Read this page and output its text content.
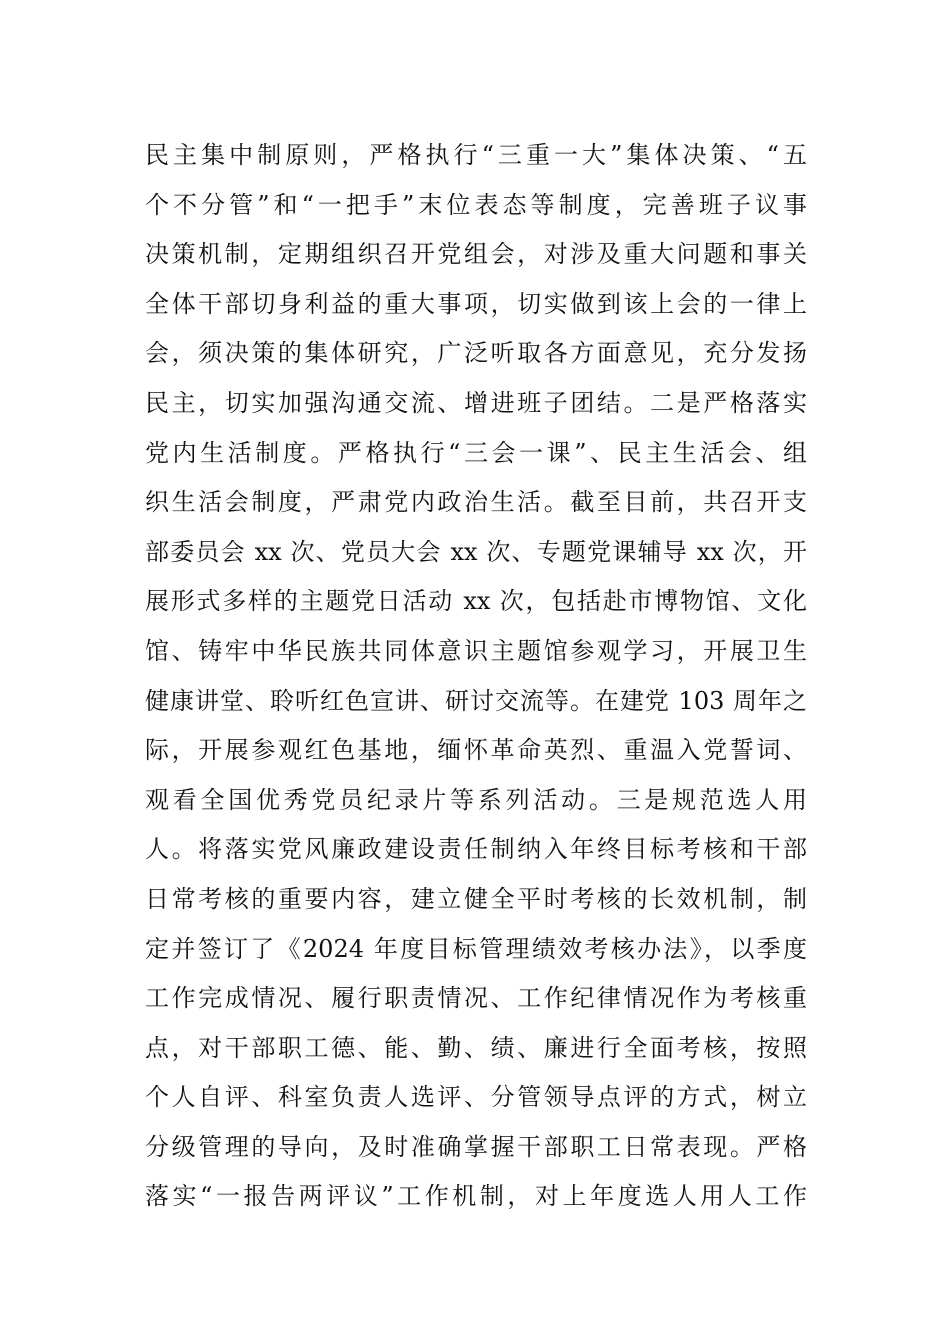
民主集中制原则，严格执行“三重一大”集体决策、“五
个不分管”和“一把手”末位表态等制度，完善班子议事
决策机制，定期组织召开党组会，对涉及重大问题和事关
全体干部切身利益的重大事项，切实做到该上会的一律上
会，须决策的集体研究，广泛听取各方面意见，充分发扬
民主，切实加强沟通交流、增进班子团结。二是严格落实
党内生活制度。严格执行“三会一课”、民主生活会、组
织生活会制度，严肃党内政治生活。截至目前，共召开支
部委员会 xx 次、党员大会 xx 次、专题党课辅导 xx 次，开
展形式多样的主题党日活动 xx 次，包括赴市博物馆、文化
馆、铸牢中华民族共同体意识主题馆参观学习，开展卫生
健康讲堂、聆听红色宣讲、研讨交流等。在建党 103 周年之
际，开展参观红色基地，缅怀革命英烈、重温入党誓词、
观看全国优秀党员纪录片等系列活动。三是规范选人用
人。将落实党风廉政建设责任制纳入年终目标考核和干部
日常考核的重要内容，建立健全平时考核的长效机制，制
定并签订了《2024 年度目标管理绩效考核办法》，以季度
工作完成情况、履行职责情况、工作纪律情况作为考核重
点，对干部职工德、能、勤、绩、廉进行全面考核，按照
个人自评、科室负责人选评、分管领导点评的方式，树立
分级管理的导向，及时准确掌握干部职工日常表现。严格
落实“一报告两评议”工作机制，对上年度选人用人工作
